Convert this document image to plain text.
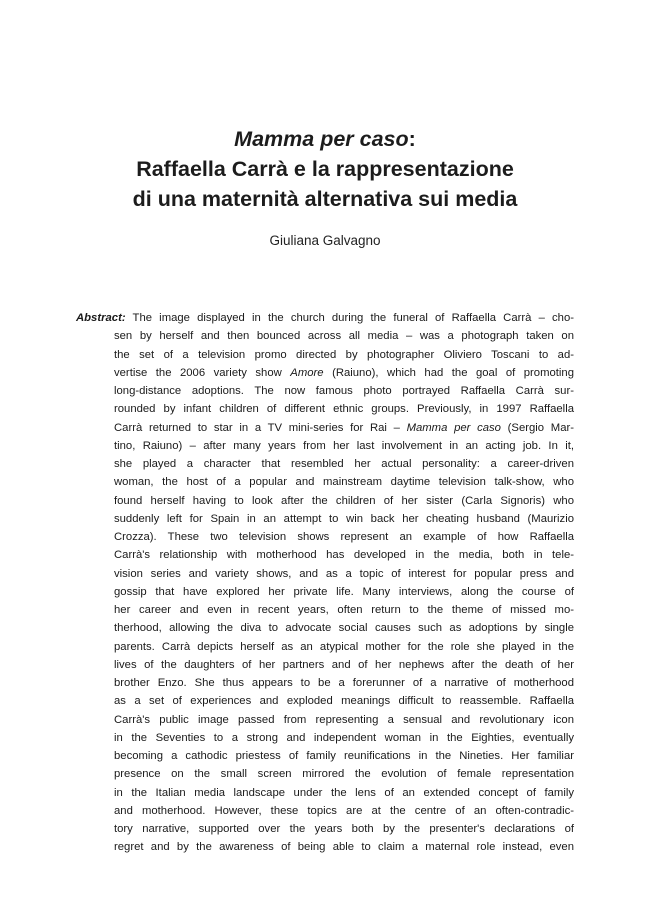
Mamma per caso:
Raffaella Carrà e la rappresentazione
di una maternità alternativa sui media
Giuliana Galvagno
Abstract: The image displayed in the church during the funeral of Raffaella Carrà – cho-
sen by herself and then bounced across all media – was a photograph taken on
the set of a television promo directed by photographer Oliviero Toscani to ad-
vertise the 2006 variety show Amore (Raiuno), which had the goal of promoting
long-distance adoptions. The now famous photo portrayed Raffaella Carrà sur-
rounded by infant children of different ethnic groups. Previously, in 1997 Raffaella
Carrà returned to star in a TV mini-series for Rai – Mamma per caso (Sergio Mar-
tino, Raiuno) – after many years from her last involvement in an acting job. In it,
she played a character that resembled her actual personality: a career-driven
woman, the host of a popular and mainstream daytime television talk-show, who
found herself having to look after the children of her sister (Carla Signoris) who
suddenly left for Spain in an attempt to win back her cheating husband (Maurizio
Crozza). These two television shows represent an example of how Raffaella
Carrà's relationship with motherhood has developed in the media, both in tele-
vision series and variety shows, and as a topic of interest for popular press and
gossip that have explored her private life. Many interviews, along the course of
her career and even in recent years, often return to the theme of missed mo-
therhood, allowing the diva to advocate social causes such as adoptions by single
parents. Carrà depicts herself as an atypical mother for the role she played in the
lives of the daughters of her partners and of her nephews after the death of her
brother Enzo. She thus appears to be a forerunner of a narrative of motherhood
as a set of experiences and exploded meanings difficult to reassemble. Raffaella
Carrà's public image passed from representing a sensual and revolutionary icon
in the Seventies to a strong and independent woman in the Eighties, eventually
becoming a cathodic priestess of family reunifications in the Nineties. Her familiar
presence on the small screen mirrored the evolution of female representation
in the Italian media landscape under the lens of an extended concept of family
and motherhood. However, these topics are at the centre of an often-contradic-
tory narrative, supported over the years both by the presenter's declarations of
regret and by the awareness of being able to claim a maternal role instead, even
